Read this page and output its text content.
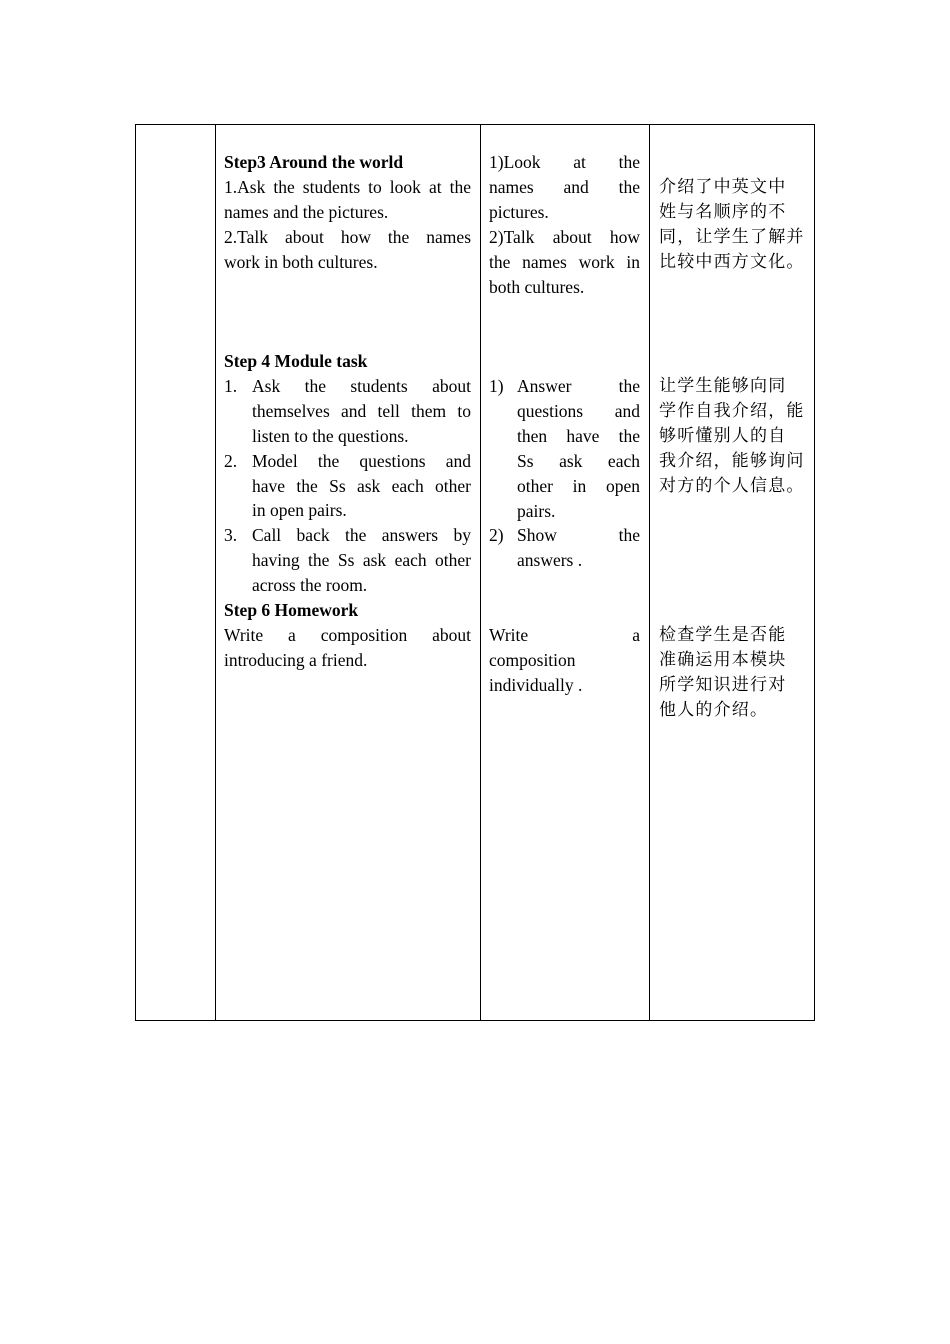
Step3 Around the world
1.Ask the students to look at the
names and the pictures.
2.Talk about how the names
work in both cultures.
Step 4 Module task
1. Ask the students about
themselves and tell them to
listen to the questions.
2. Model the questions and
have the Ss ask each other
in open pairs.
3. Call back the answers by
having the Ss ask each other
across the room.
Step 6 Homework
Write a composition about
introducing a friend.
1)Look at the
names and the
pictures.
2)Talk about how
the names work in
both cultures.
1) Answer the
questions and
then have the
Ss ask each
other in open
pairs.
2) Show the
answers .
Write a
composition
individually .
介绍了中英文中
姓与名顺序的不
同，让学生了解并
比较中西方文化。
让学生能够向同
学作自我介绍，能
够听懂别人的自
我介绍，能够询问
对方的个人信息。
检查学生是否能
准确运用本模块
所学知识进行对
他人的介绍。
